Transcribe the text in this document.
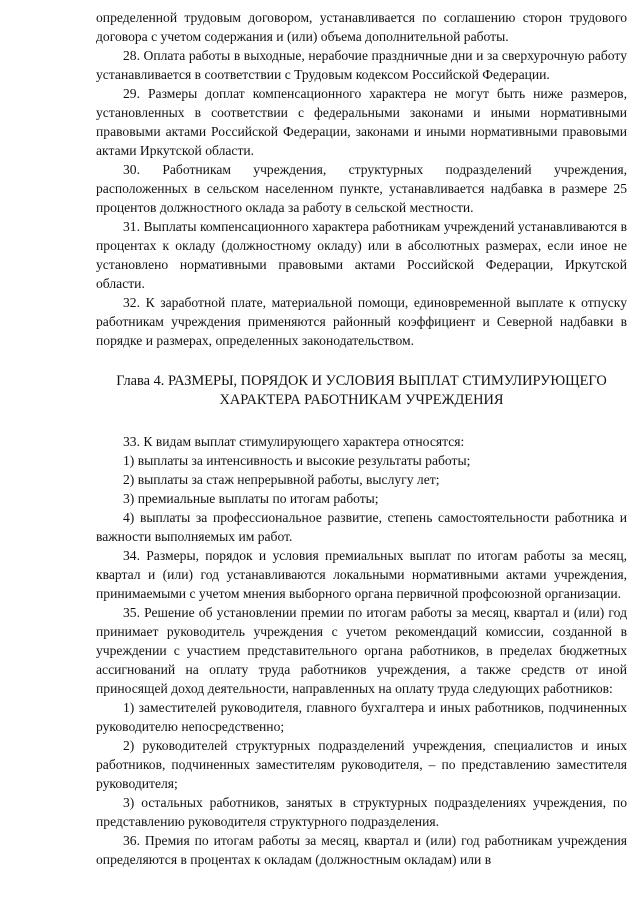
определенной трудовым договором, устанавливается по соглашению сторон трудового договора с учетом содержания и (или) объема дополнительной работы.

28. Оплата работы в выходные, нерабочие праздничные дни и за сверхурочную работу устанавливается в соответствии с Трудовым кодексом Российской Федерации.

29. Размеры доплат компенсационного характера не могут быть ниже размеров, установленных в соответствии с федеральными законами и иными нормативными правовыми актами Российской Федерации, законами и иными нормативными правовыми актами Иркутской области.

30. Работникам учреждения, структурных подразделений учреждения, расположенных в сельском населенном пункте, устанавливается надбавка в размере 25 процентов должностного оклада за работу в сельской местности.

31. Выплаты компенсационного характера работникам учреждений устанавливаются в процентах к окладу (должностному окладу) или в абсолютных размерах, если иное не установлено нормативными правовыми актами Российской Федерации, Иркутской области.

32. К заработной плате, материальной помощи, единовременной выплате к отпуску работникам учреждения применяются районный коэффициент и Северной надбавки в порядке и размерах, определенных законодательством.

Глава 4. РАЗМЕРЫ, ПОРЯДОК И УСЛОВИЯ ВЫПЛАТ СТИМУЛИРУЮЩЕГО
ХАРАКТЕРА РАБОТНИКАМ УЧРЕЖДЕНИЯ

33. К видам выплат стимулирующего характера относятся:

1) выплаты за интенсивность и высокие результаты работы;

2) выплаты за стаж непрерывной работы, выслугу лет;

3) премиальные выплаты по итогам работы;

4) выплаты за профессиональное развитие, степень самостоятельности работника и важности выполняемых им работ.

34. Размеры, порядок и условия премиальных выплат по итогам работы за месяц, квартал и (или) год устанавливаются локальными нормативными актами учреждения, принимаемыми с учетом мнения выборного органа первичной профсоюзной организации.

35. Решение об установлении премии по итогам работы за месяц, квартал и (или) год принимает руководитель учреждения с учетом рекомендаций комиссии, созданной в учреждении с участием представительного органа работников, в пределах бюджетных ассигнований на оплату труда работников учреждения, а также средств от иной приносящей доход деятельности, направленных на оплату труда следующих работников:

1) заместителей руководителя, главного бухгалтера и иных работников, подчиненных руководителю непосредственно;

2) руководителей структурных подразделений учреждения, специалистов и иных работников, подчиненных заместителям руководителя, – по представлению заместителя руководителя;

3) остальных работников, занятых в структурных подразделениях учреждения, по представлению руководителя структурного подразделения.

36. Премия по итогам работы за месяц, квартал и (или) год работникам учреждения определяются в процентах к окладам (должностным окладам) или в
